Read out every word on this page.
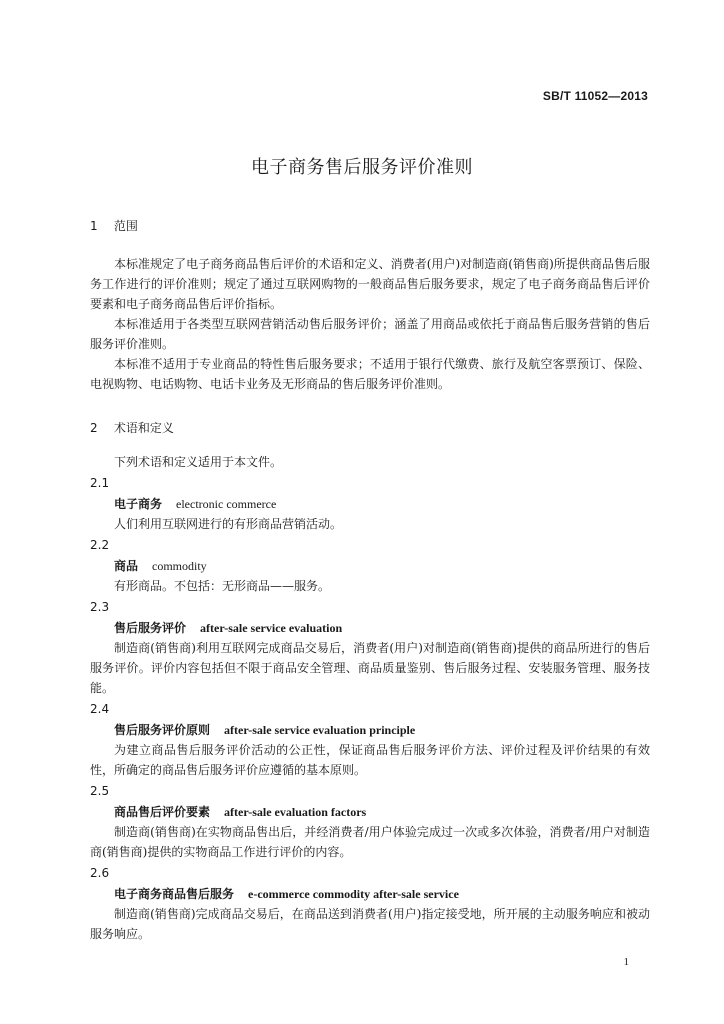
SB/T 11052—2013
电子商务售后服务评价准则

1 范围

本标准规定了电子商务商品售后评价的术语和定义、消费者(用户)对制造商(销售商)所提供商品售后服务工作进行的评价准则；规定了通过互联网购物的一般商品售后服务要求，规定了电子商务商品售后评价要素和电子商务商品售后评价指标。

本标准适用于各类型互联网营销活动售后服务评价；涵盖了用商品或依托于商品售后服务营销的售后服务评价准则。

本标准不适用于专业商品的特性售后服务要求；不适用于银行代缴费、旅行及航空客票预订、保险、电视购物、电话购物、电话卡业务及无形商品的售后服务评价准则。

2 术语和定义

下列术语和定义适用于本文件。

2.1

电子商务 electronic commerce

人们利用互联网进行的有形商品营销活动。

2.2

商品 commodity

有形商品。不包括：无形商品——服务。

2.3

售后服务评价 after-sale service evaluation

制造商(销售商)利用互联网完成商品交易后，消费者(用户)对制造商(销售商)提供的商品所进行的售后服务评价。评价内容包括但不限于商品安全管理、商品质量鉴别、售后服务过程、安装服务管理、服务技能。

2.4

售后服务评价原则 after-sale service evaluation principle

为建立商品售后服务评价活动的公正性，保证商品售后服务评价方法、评价过程及评价结果的有效性，所确定的商品售后服务评价应遵循的基本原则。

2.5

商品售后评价要素 after-sale evaluation factors

制造商(销售商)在实物商品售出后，并经消费者/用户体验完成过一次或多次体验，消费者/用户对制造商(销售商)提供的实物商品工作进行评价的内容。

2.6

电子商务商品售后服务 e-commerce commodity after-sale service

制造商(销售商)完成商品交易后，在商品送到消费者(用户)指定接受地，所开展的主动服务响应和被动服务响应。

1
